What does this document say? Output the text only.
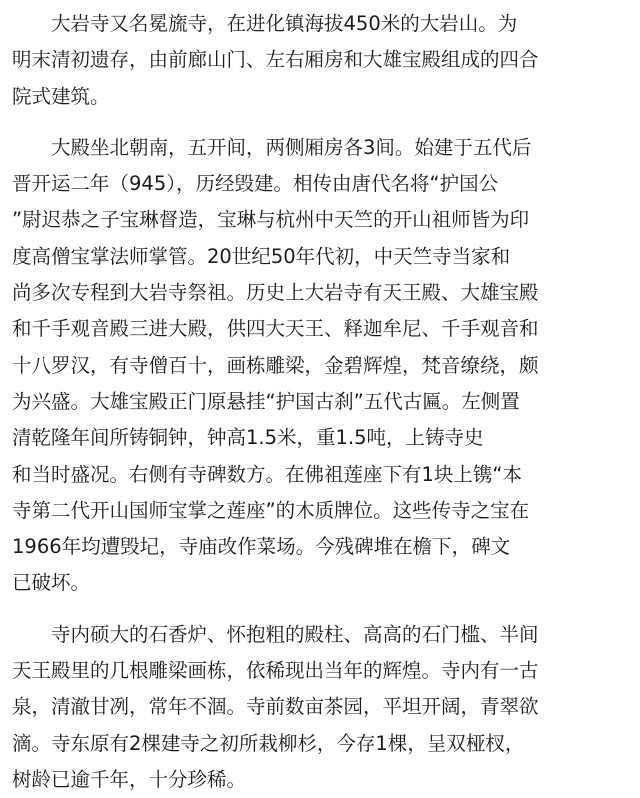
　　大岩寺又名冕旒寺，在进化镇海拔450米的大岩山。为
明末清初遗存，由前廊山门、左右厢房和大雄宝殿组成的四合
院式建筑。

　　大殿坐北朝南，五开间，两侧厢房各3间。始建于五代后
晋开运二年（945），历经毁建。相传由唐代名将“护国公
”尉迟恭之子宝琳督造，宝琳与杭州中天竺的开山祖师皆为印
度高僧宝掌法师掌管。20世纪50年代初，中天竺寺当家和
尚多次专程到大岩寺祭祖。历史上大岩寺有天王殿、大雄宝殿
和千手观音殿三进大殿，供四大天王、释迦牟尼、千手观音和
十八罗汉，有寺僧百十，画栋雕梁，金碧辉煌，梵音缭绕，颇
为兴盛。大雄宝殿正门原悬挂“护国古刹”五代古匾。左侧置
清乾隆年间所铸铜钟，钟高1.5米，重1.5吨，上铸寺史
和当时盛况。右侧有寺碑数方。在佛祖莲座下有1块上镌“本
寺第二代开山国师宝掌之莲座”的木质牌位。这些传寺之宝在
1966年均遭毁圮，寺庙改作菜场。今残碑堆在檐下，碑文
已破坏。

　　寺内硕大的石香炉、怀抱粗的殿柱、高高的石门槛、半间
天王殿里的几根雕梁画栋，依稀现出当年的辉煌。寺内有一古
泉，清澈甘冽，常年不涸。寺前数亩茶园，平坦开阔，青翠欲
滴。寺东原有2棵建寺之初所栽柳杉，今存1棵，呈双桠杈，
树龄已逾千年，十分珍稀。
